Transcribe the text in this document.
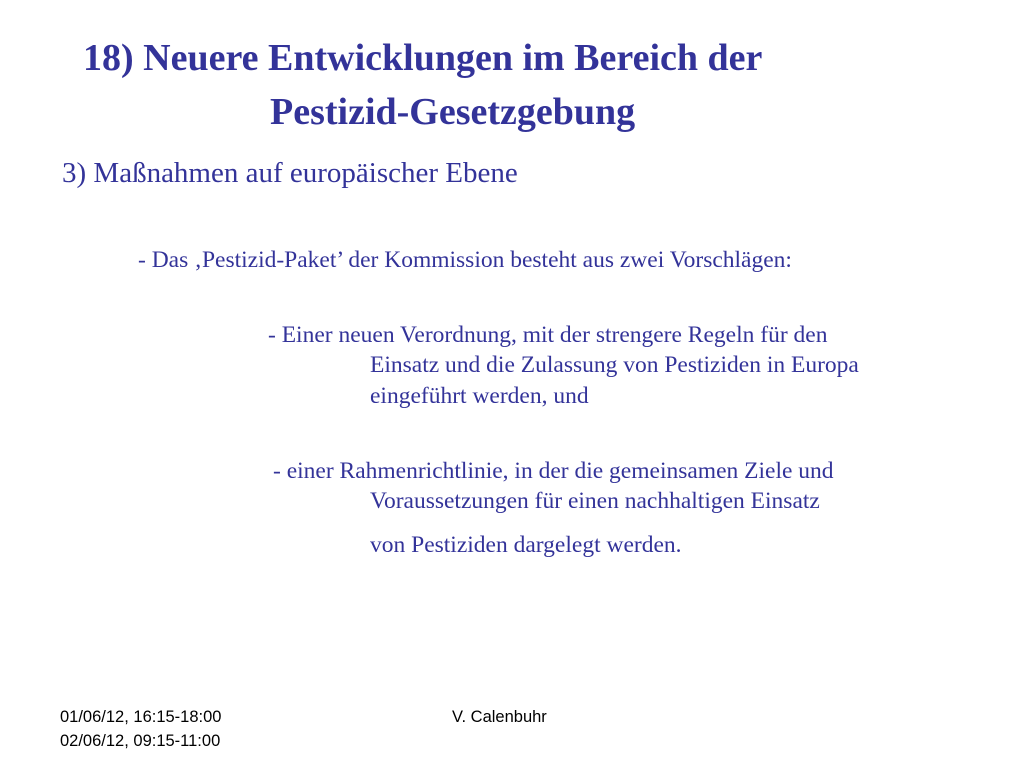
18) Neuere Entwicklungen im Bereich der
Pestizid-Gesetzgebung
3) Maßnahmen auf europäischer Ebene
- Das ‚Pestizid-Paket’ der Kommission besteht aus zwei Vorschlägen:
- Einer neuen Verordnung, mit der strengere Regeln für den
Einsatz und die Zulassung von Pestiziden in Europa
eingeführt werden, und
- einer Rahmenrichtlinie, in der die gemeinsamen Ziele und
Voraussetzungen für einen nachhaltigen Einsatz
von Pestiziden dargelegt werden.
01/06/12, 16:15-18:00
02/06/12, 09:15-11:00
V. Calenbuhr
